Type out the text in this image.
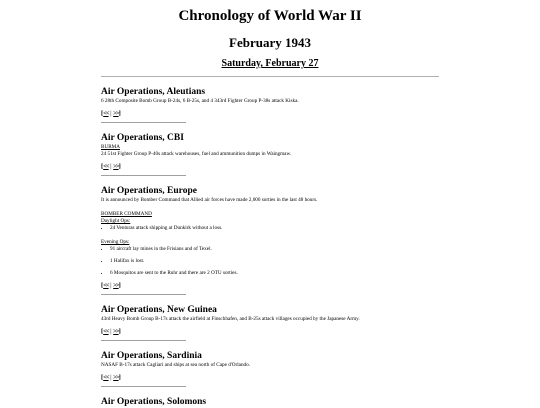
Chronology of World War II
February 1943
Saturday, February 27
Air Operations, Aleutians

6 28th Composite Bomb Group B-24s, 6 B-25s, and 4 343rd Fighter Group P-38s attack Kiska.

[<< | >>]
Air Operations, CBI
BURMA

24 51st Fighter Group P-40s attack warehouses, fuel and ammunition dumps in Waingmaw.

[<< | >>]
Air Operations, Europe

It is announced by Bomber Command that Allied air forces have made 2,000 sorties in the last 48 hours.

BOMBER COMMAND
Daylight Ops:
• 24 Venturas attack shipping at Dunkirk without a loss.
Evening Ops:
• 91 aircraft lay mines in the Frisians and of Texel.
• 1 Halifax is lost.
• 6 Mosquitos are sent to the Ruhr and there are 2 OTU sorties.
[<< | >>]
Air Operations, New Guinea

43rd Heavy Bomb Group B-17s attack the airfield at Finschhafen, and B-25s attack villages occupied by the Japanese Army.

[<< | >>]
Air Operations, Sardinia

NASAF B-17s attack Cagliari and ships at sea north of Cape d'Orlando.

[<< | >>]
Air Operations, Solomons
